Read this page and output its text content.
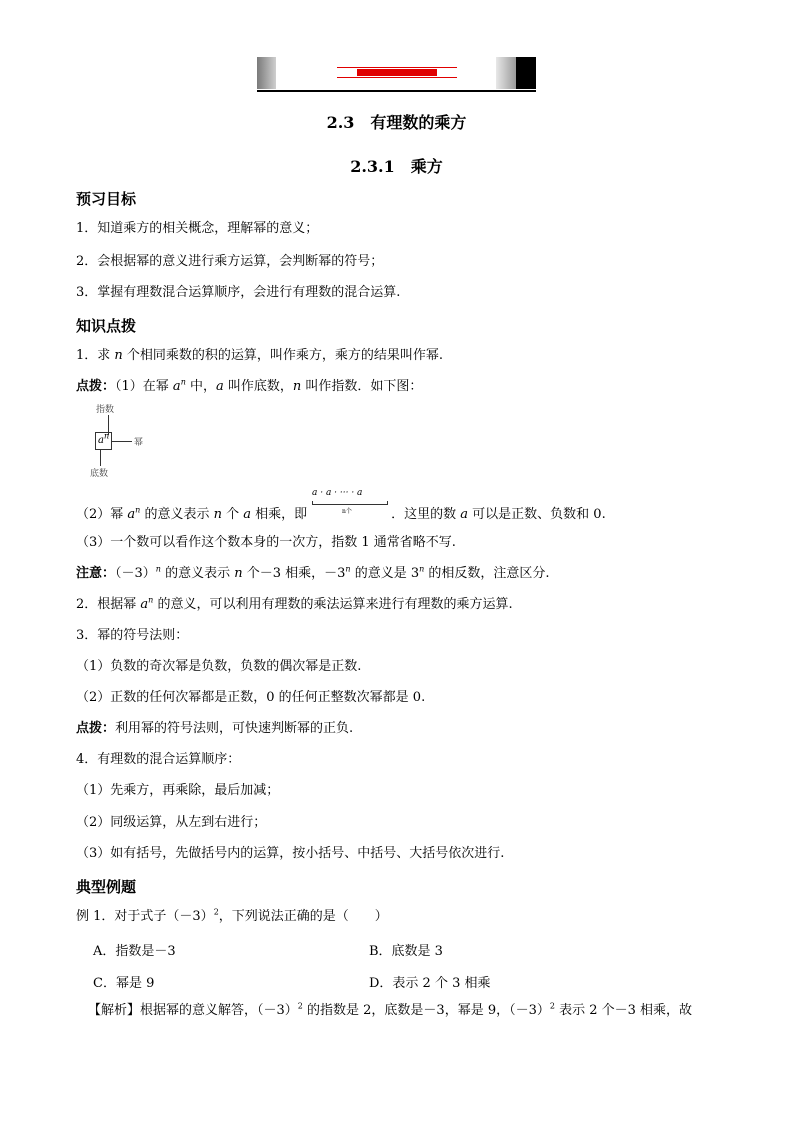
2.3　有理数的乘方
2.3.1　乘方
预习目标
1．知道乘方的相关概念，理解幂的意义；
2．会根据幂的意义进行乘方运算，会判断幂的符号；
3．掌握有理数混合运算顺序，会进行有理数的混合运算.
知识点拨
1．求 n 个相同乘数的积的运算，叫作乘方，乘方的结果叫作幂.
点拨：（1）在幂 $a^n$ 中，a 叫作底数，n 叫作指数．如下图：
指数
$a^n$
幂
底数
a · a · ··· · a
n个
（2）幂 $a^n$ 的意义表示 n 个 a 相乘，即	．这里的数 a 可以是正数、负数和 0.
（3）一个数可以看作这个数本身的一次方，指数 1 通常省略不写.
注意：$(-3)^n$ 的意义表示 n 个－3 相乘，$-3^n$ 的意义是 3$^n$ 的相反数，注意区分.
2．根据幂 $a^n$ 的意义，可以利用有理数的乘法运算来进行有理数的乘方运算.
3．幂的符号法则：
（1）负数的奇次幂是负数，负数的偶次幂是正数.
（2）正数的任何次幂都是正数，0 的任何正整数次幂都是 0.
点拨：利用幂的符号法则，可快速判断幂的正负.
4．有理数的混合运算顺序：
（1）先乘方，再乘除，最后加减；
（2）同级运算，从左到右进行；
（3）如有括号，先做括号内的运算，按小括号、中括号、大括号依次进行.
典型例题
例 1．对于式子$(-3)^2$，下列说法正确的是（　　）
A．指数是－3	B．底数是 3
C．幂是 9	D．表示 2 个 3 相乘
【解析】根据幂的意义解答，$(-3)^2$ 的指数是 2，底数是－3，幂是 9，$(-3)^2$ 表示 2 个－3 相乘，故
